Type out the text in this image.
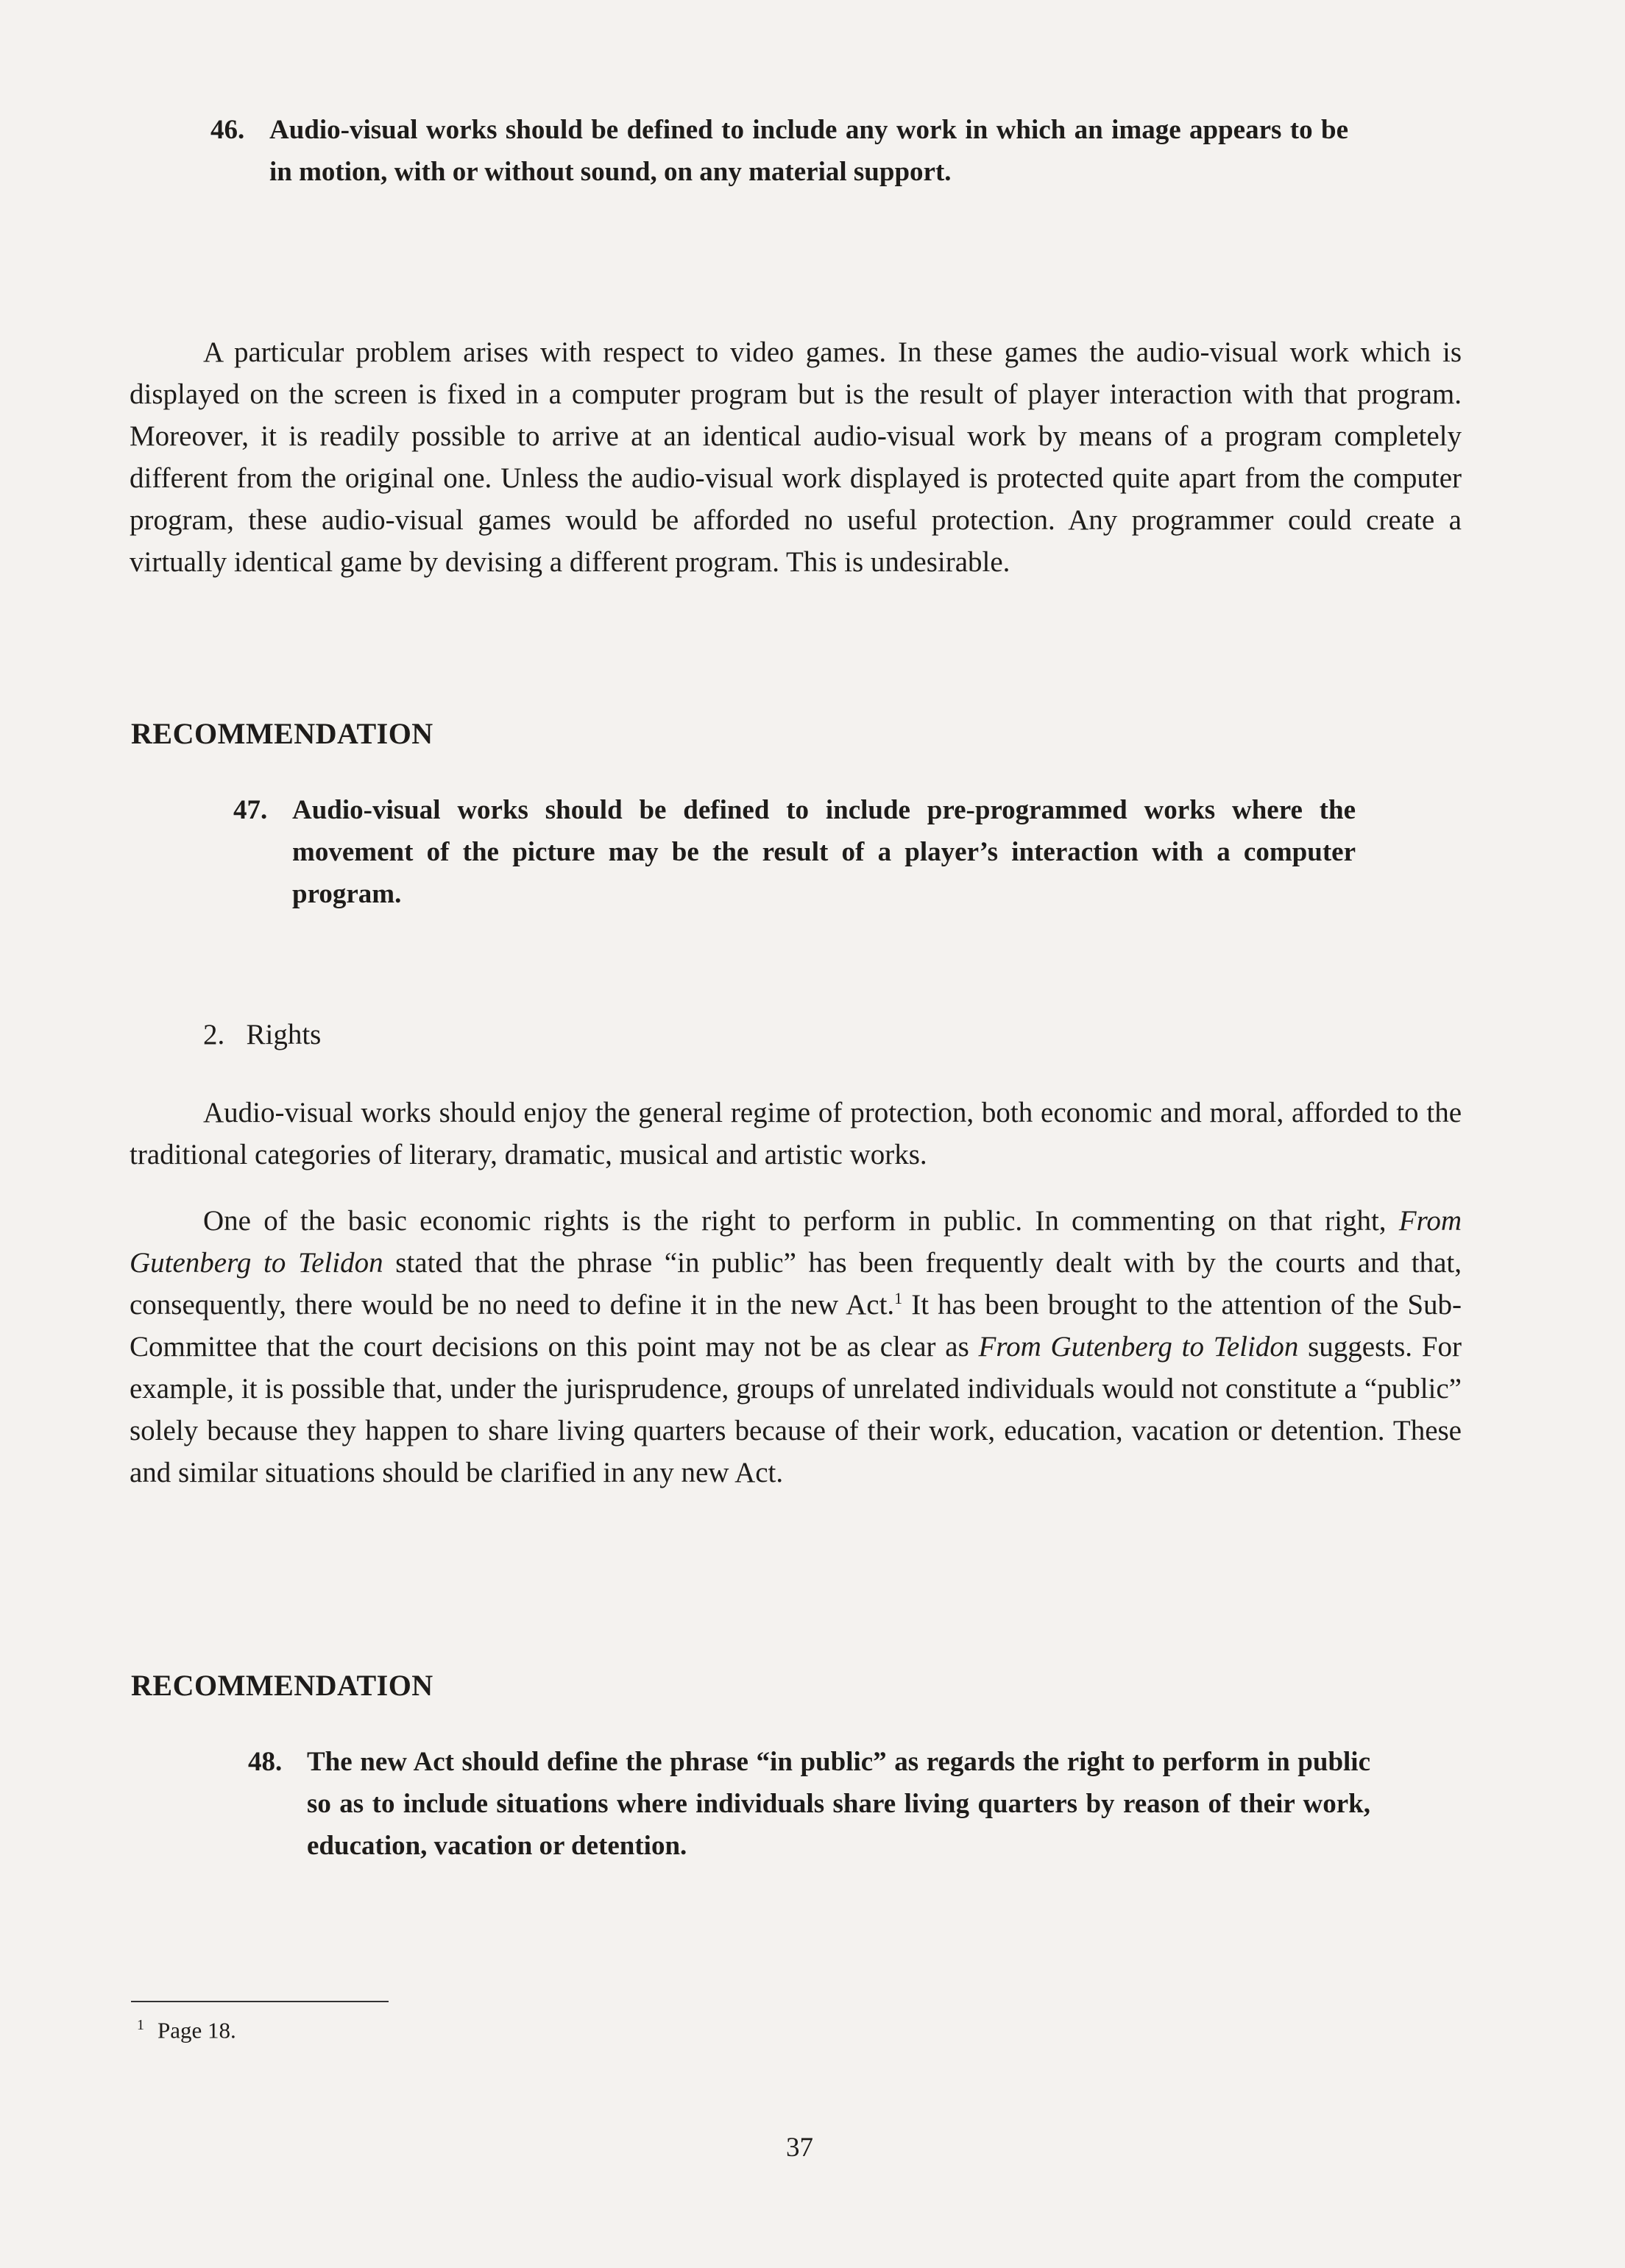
46. Audio-visual works should be defined to include any work in which an image appears to be in motion, with or without sound, on any material support.
A particular problem arises with respect to video games. In these games the audio-visual work which is displayed on the screen is fixed in a computer program but is the result of player interaction with that program. Moreover, it is readily possible to arrive at an identical audio-visual work by means of a program completely different from the original one. Unless the audio-visual work displayed is protected quite apart from the computer program, these audio-visual games would be afforded no useful protection. Any programmer could create a virtually identical game by devising a different program. This is undesirable.
RECOMMENDATION
47. Audio-visual works should be defined to include pre-programmed works where the movement of the picture may be the result of a player’s interaction with a computer program.
2.   Rights
Audio-visual works should enjoy the general regime of protection, both economic and moral, afforded to the traditional categories of literary, dramatic, musical and artistic works.
One of the basic economic rights is the right to perform in public. In commenting on that right, From Gutenberg to Telidon stated that the phrase “in public” has been frequently dealt with by the courts and that, consequently, there would be no need to define it in the new Act.$^1$ It has been brought to the attention of the Sub-Committee that the court decisions on this point may not be as clear as From Gutenberg to Telidon suggests. For example, it is possible that, under the jurisprudence, groups of unrelated individuals would not constitute a “public” solely because they happen to share living quarters because of their work, education, vacation or detention. These and similar situations should be clarified in any new Act.
RECOMMENDATION
48. The new Act should define the phrase “in public” as regards the right to perform in public so as to include situations where individuals share living quarters by reason of their work, education, vacation or detention.
$^1$ Page 18.
37
